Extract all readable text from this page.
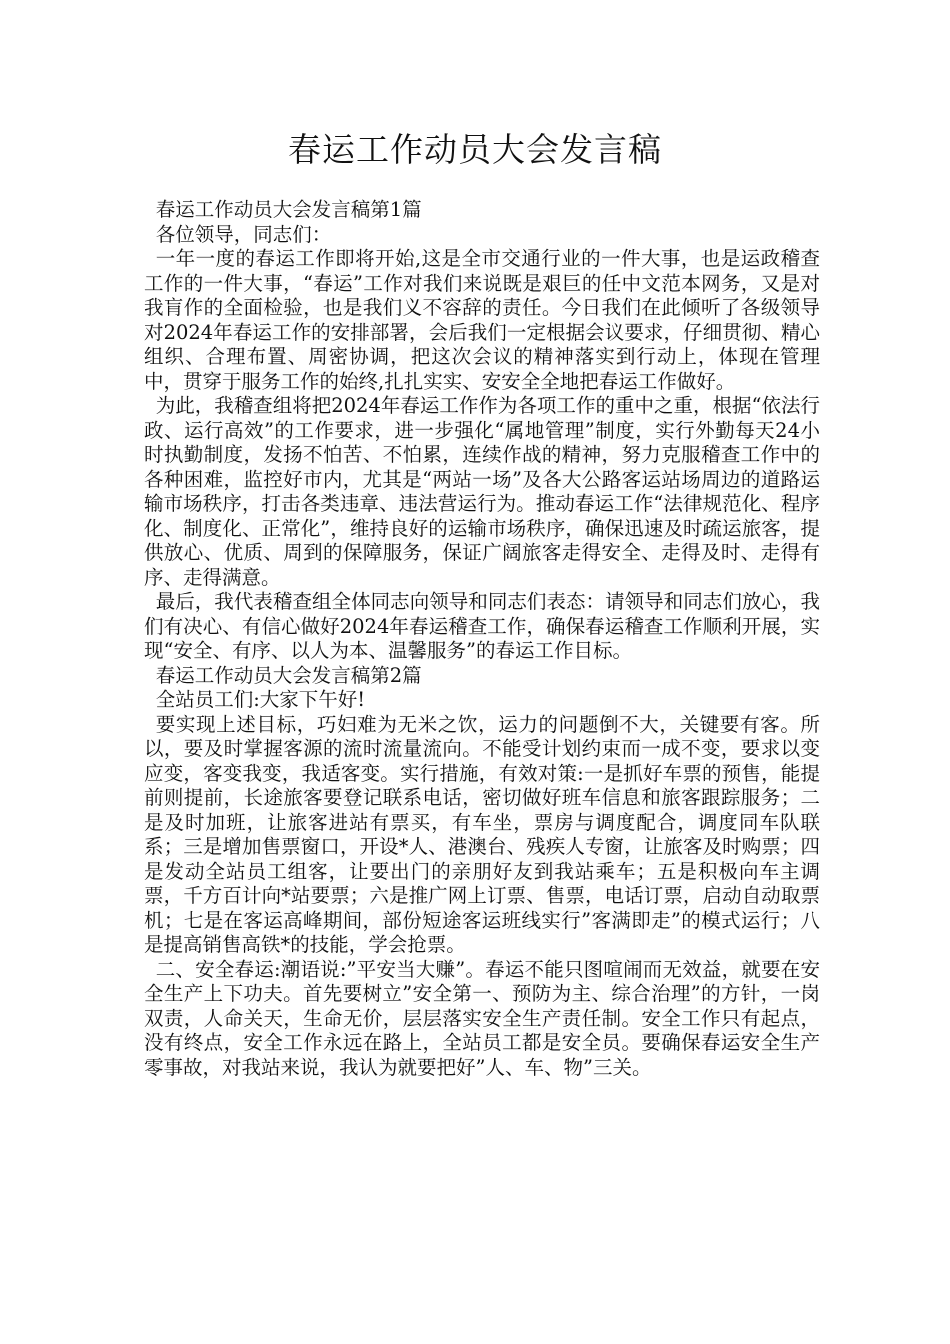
春运工作动员大会发言稿

春运工作动员大会发言稿第1篇

各位领导，同志们：

一年一度的春运工作即将开始,这是全市交通行业的一件大事，也是运政稽查工作的一件大事，“春运”工作对我们来说既是艰巨的任中文范本网务，又是对我肓作的全面检验，也是我们义不容辞的责任。今日我们在此倾听了各级领导对2024年春运工作的安排部署，会后我们一定根据会议要求，仔细贯彻、精心组织、合理布置、周密协调，把这次会议的精神落实到行动上，体现在管理中，贯穿于服务工作的始终,扎扎实实、安安全全地把春运工作做好。

为此，我稽查组将把2024年春运工作作为各项工作的重中之重，根据“依法行政、运行高效”的工作要求，进一步强化“属地管理”制度，实行外勤每天24小时执勤制度，发扬不怕苦、不怕累，连续作战的精神，努力克服稽查工作中的各种困难，监控好市内，尤其是“两站一场”及各大公路客运站场周边的道路运输市场秩序，打击各类违章、违法营运行为。推动春运工作“法律规范化、程序化、制度化、正常化”，维持良好的运输市场秩序，确保迅速及时疏运旅客，提供放心、优质、周到的保障服务，保证广阔旅客走得安全、走得及时、走得有序、走得满意。

最后，我代表稽查组全体同志向领导和同志们表态：请领导和同志们放心，我们有决心、有信心做好2024年春运稽查工作，确保春运稽查工作顺利开展，实现“安全、有序、以人为本、温馨服务”的春运工作目标。

春运工作动员大会发言稿第2篇

全站员工们:大家下午好!

要实现上述目标，巧妇难为无米之饮，运力的问题倒不大，关键要有客。所以，要及时掌握客源的流时流量流向。不能受计划约束而一成不变，要求以变应变，客变我变，我适客变。实行措施，有效对策:一是抓好车票的预售，能提前则提前，长途旅客要登记联系电话，密切做好班车信息和旅客跟踪服务；二是及时加班，让旅客进站有票买，有车坐，票房与调度配合，调度同车队联系；三是增加售票窗口，开设*人、港澳台、残疾人专窗，让旅客及时购票；四是发动全站员工组客，让要出门的亲朋好友到我站乘车；五是积极向车主调票，千方百计向*站要票；六是推广网上订票、售票，电话订票，启动自动取票机；七是在客运高峰期间，部份短途客运班线实行”客满即走”的模式运行；八是提高销售高铁*的技能，学会抢票。

二、安全春运:潮语说:”平安当大赚”。春运不能只图喧闹而无效益，就要在安全生产上下功夫。首先要树立”安全第一、预防为主、综合治理”的方针，一岗双责，人命关天，生命无价，层层落实安全生产责任制。安全工作只有起点，没有终点，安全工作永远在路上，全站员工都是安全员。要确保春运安全生产零事故，对我站来说，我认为就要把好”人、车、物”三关。
